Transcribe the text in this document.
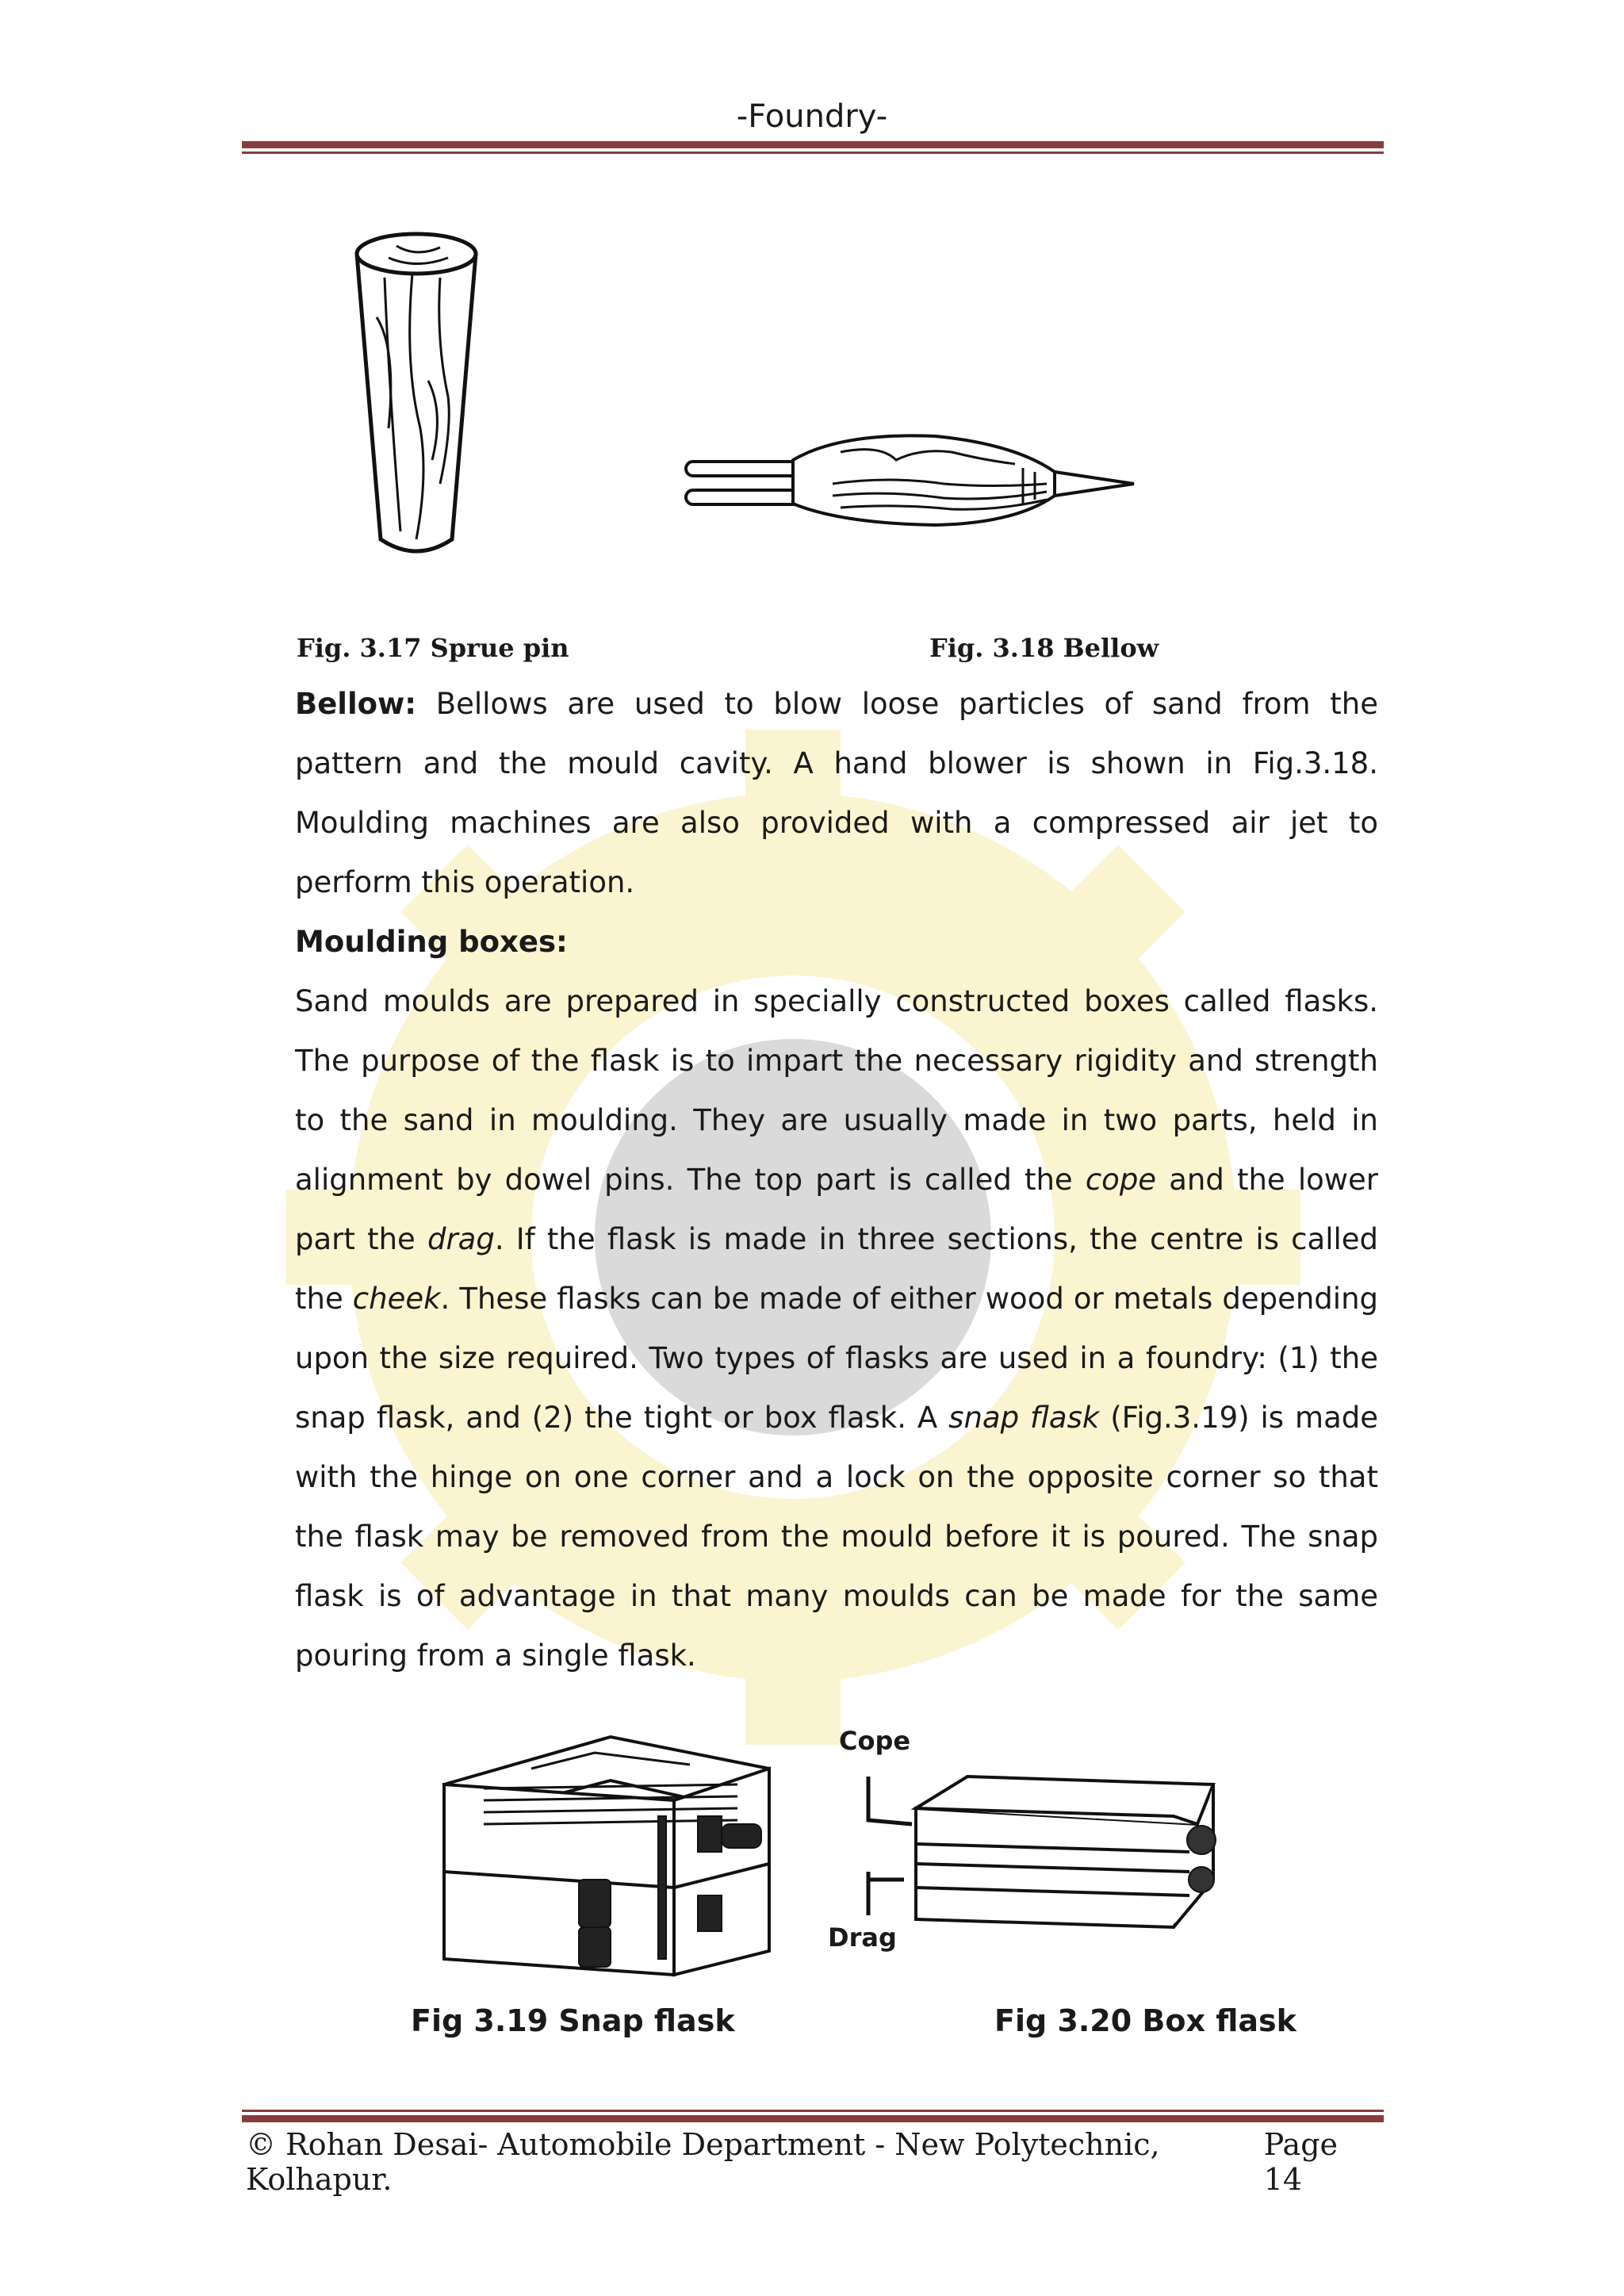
-Foundry-
Fig. 3.17 Sprue pin	Fig. 3.18 Bellow

Bellow: Bellows are used to blow loose particles of sand from the pattern and the mould cavity. A hand blower is shown in Fig.3.18. Moulding machines are also provided with a compressed air jet to perform this operation.

Moulding boxes:

Sand moulds are prepared in specially constructed boxes called flasks. The purpose of the flask is to impart the necessary rigidity and strength to the sand in moulding. They are usually made in two parts, held in alignment by dowel pins. The top part is called the cope and the lower part the drag. If the flask is made in three sections, the centre is called the cheek. These flasks can be made of either wood or metals depending upon the size required. Two types of flasks are used in a foundry: (1) the snap flask, and (2) the tight or box flask. A snap flask (Fig.3.19) is made with the hinge on one corner and a lock on the opposite corner so that the flask may be removed from the mould before it is poured. The snap flask is of advantage in that many moulds can be made for the same pouring from a single flask.

Cope
Drag
Fig 3.19 Snap flask	Fig 3.20 Box flask
© Rohan Desai- Automobile Department - New Polytechnic, Kolhapur.
Page 14
